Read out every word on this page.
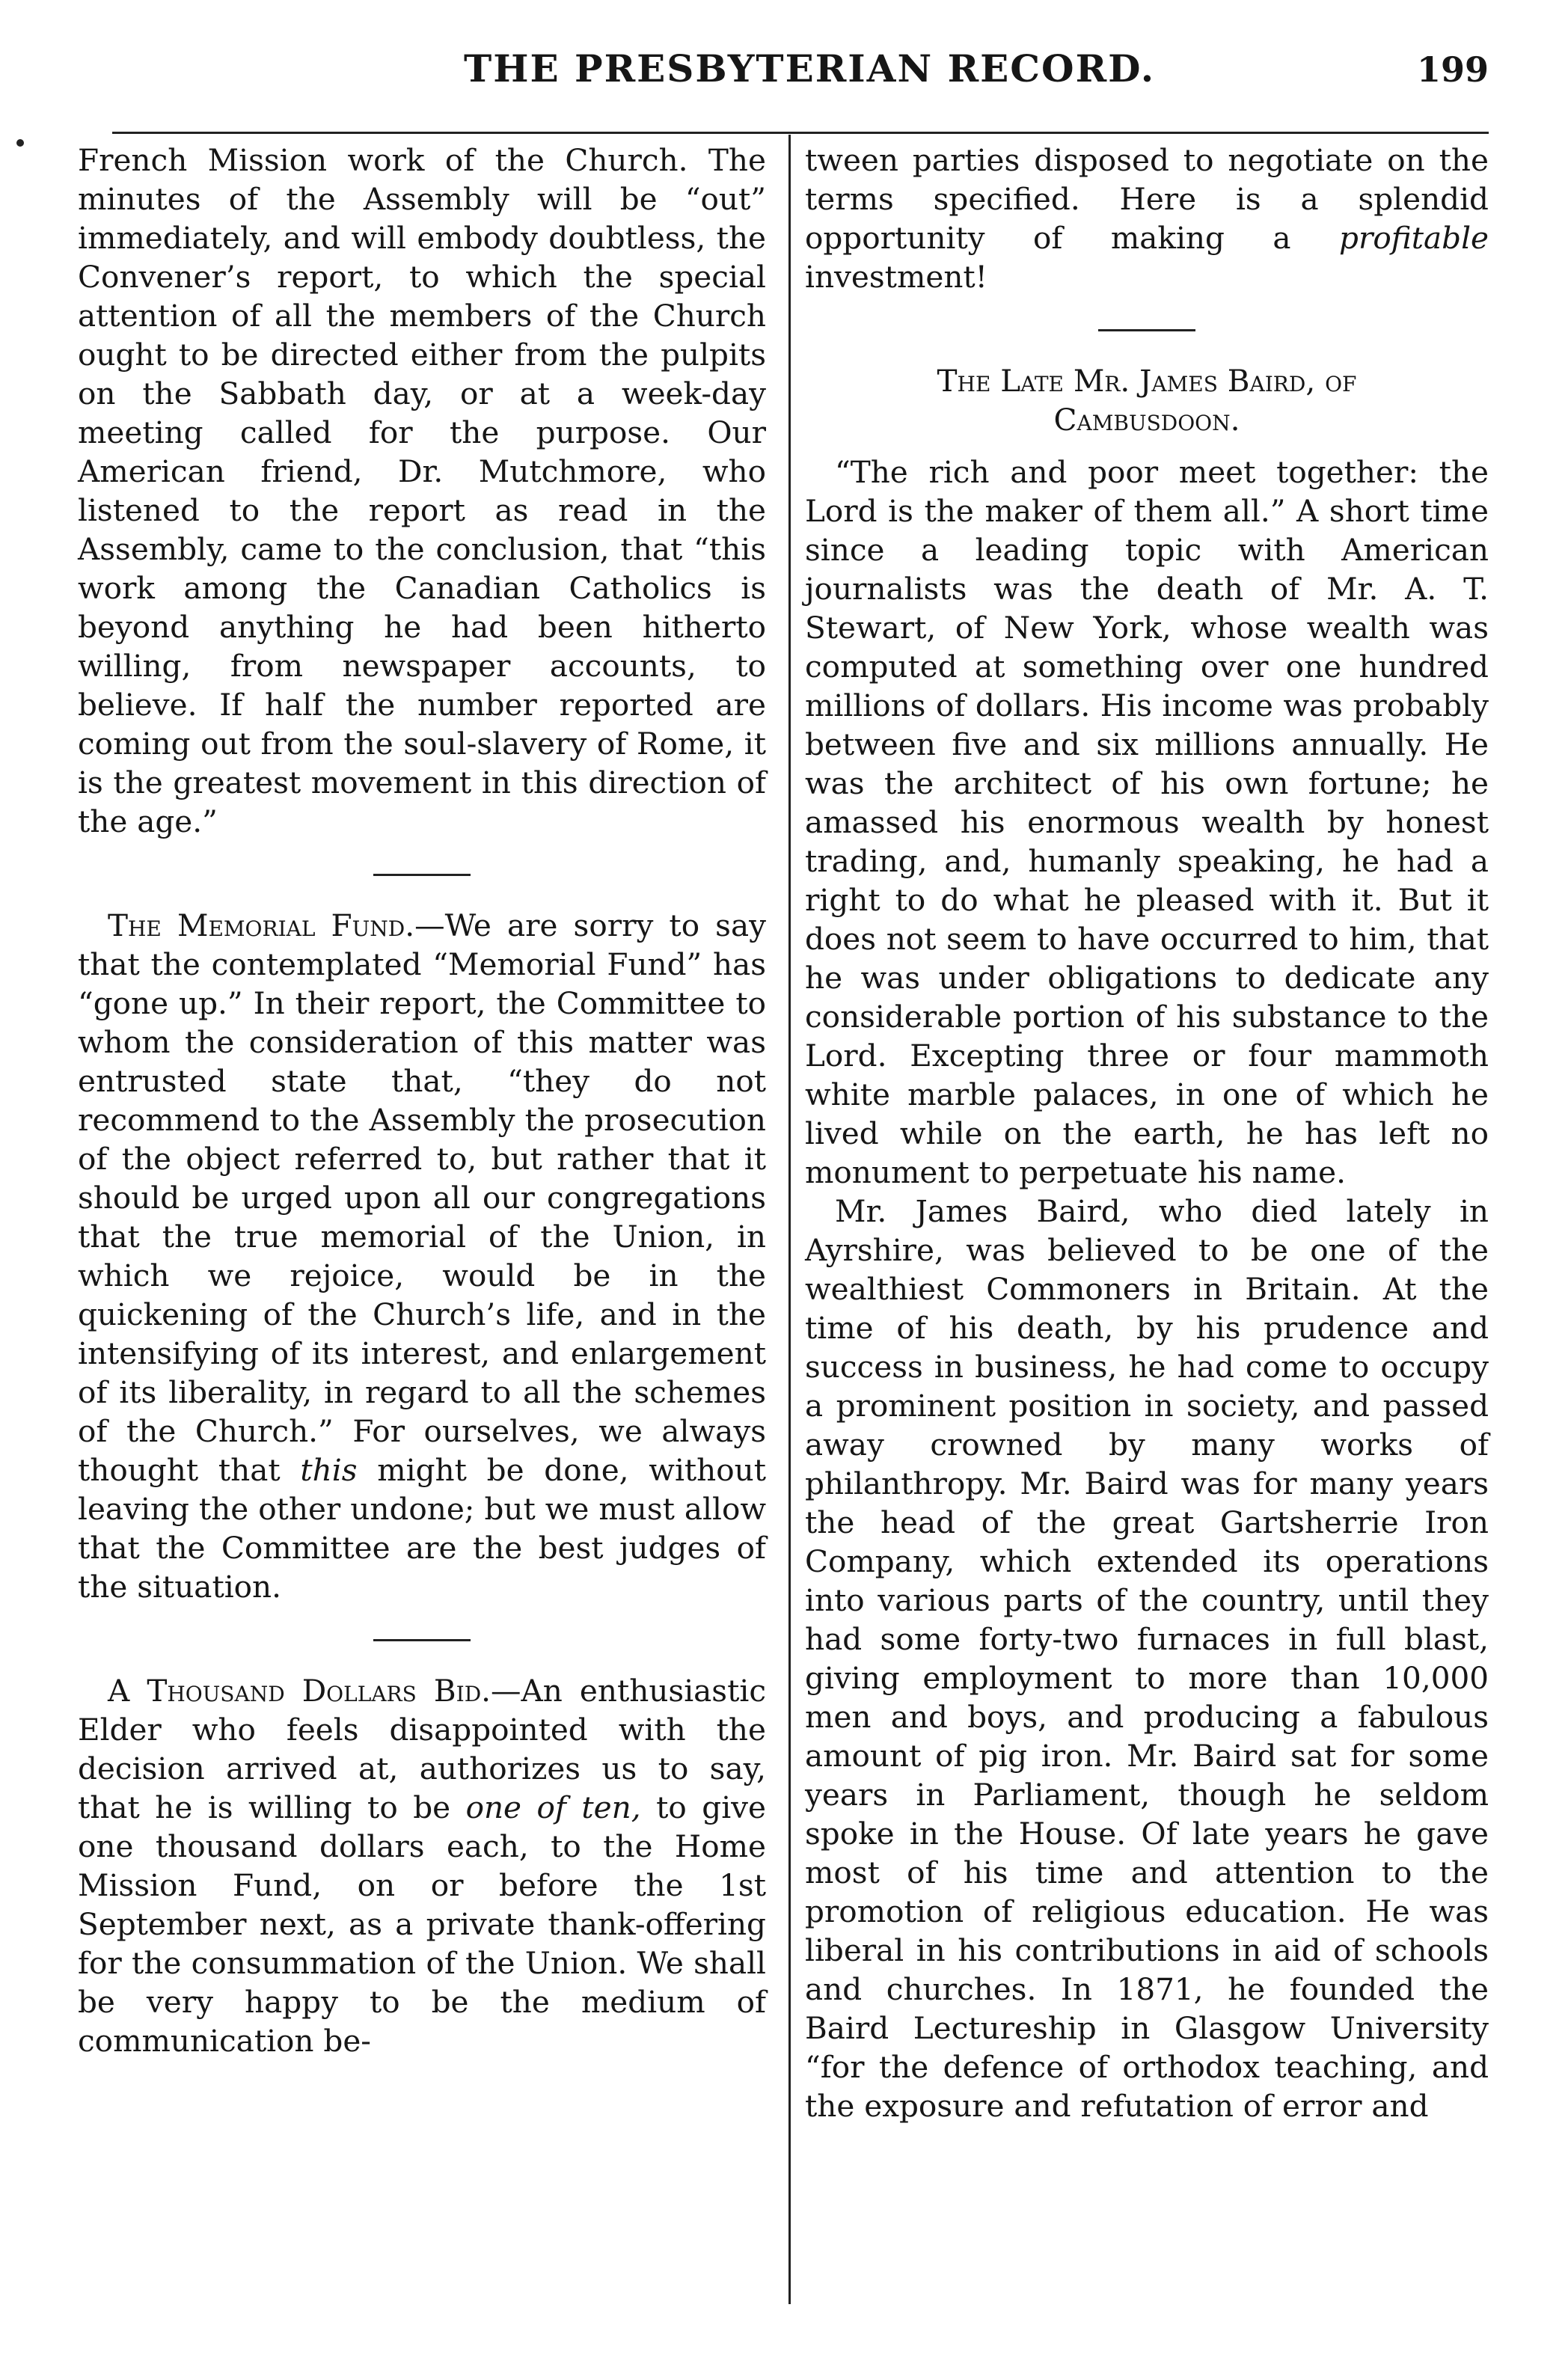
THE PRESBYTERIAN RECORD.	199

French Mission work of the Church. The minutes of the Assembly will be “out” immediately, and will embody doubtless, the Convener’s report, to which the special attention of all the members of the Church ought to be directed either from the pulpits on the Sabbath day, or at a week-day meeting called for the purpose. Our American friend, Dr. Mutchmore, who listened to the report as read in the Assembly, came to the conclusion, that “this work among the Canadian Catholics is beyond anything he had been hitherto willing, from newspaper accounts, to believe. If half the number reported are coming out from the soul-slavery of Rome, it is the greatest movement in this direction of the age.”

The Memorial Fund.—We are sorry to say that the contemplated “Memorial Fund” has “gone up.” In their report, the Committee to whom the consideration of this matter was entrusted state that, “they do not recommend to the Assembly the prosecution of the object referred to, but rather that it should be urged upon all our congregations that the true memorial of the Union, in which we rejoice, would be in the quickening of the Church’s life, and in the intensifying of its interest, and enlargement of its liberality, in regard to all the schemes of the Church.” For ourselves, we always thought that this might be done, without leaving the other undone; but we must allow that the Committee are the best judges of the situation.

A Thousand Dollars Bid.—An enthusiastic Elder who feels disappointed with the decision arrived at, authorizes us to say, that he is willing to be one of ten, to give one thousand dollars each, to the Home Mission Fund, on or before the 1st September next, as a private thank-offering for the consummation of the Union. We shall be very happy to be the medium of communication be-

tween parties disposed to negotiate on the terms specified. Here is a splendid opportunity of making a profitable investment!

The Late Mr. James Baird, of
Cambusdoon.

“The rich and poor meet together: the Lord is the maker of them all.” A short time since a leading topic with American journalists was the death of Mr. A. T. Stewart, of New York, whose wealth was computed at something over one hundred millions of dollars. His income was probably between five and six millions annually. He was the architect of his own fortune; he amassed his enormous wealth by honest trading, and, humanly speaking, he had a right to do what he pleased with it. But it does not seem to have occurred to him, that he was under obligations to dedicate any considerable portion of his substance to the Lord. Excepting three or four mammoth white marble palaces, in one of which he lived while on the earth, he has left no monument to perpetuate his name.

Mr. James Baird, who died lately in Ayrshire, was believed to be one of the wealthiest Commoners in Britain. At the time of his death, by his prudence and success in business, he had come to occupy a prominent position in society, and passed away crowned by many works of philanthropy. Mr. Baird was for many years the head of the great Gartsherrie Iron Company, which extended its operations into various parts of the country, until they had some forty-two furnaces in full blast, giving employment to more than 10,000 men and boys, and producing a fabulous amount of pig iron. Mr. Baird sat for some years in Parliament, though he seldom spoke in the House. Of late years he gave most of his time and attention to the promotion of religious education. He was liberal in his contributions in aid of schools and churches. In 1871, he founded the Baird Lectureship in Glasgow University “for the defence of orthodox teaching, and the exposure and refutation of error and
